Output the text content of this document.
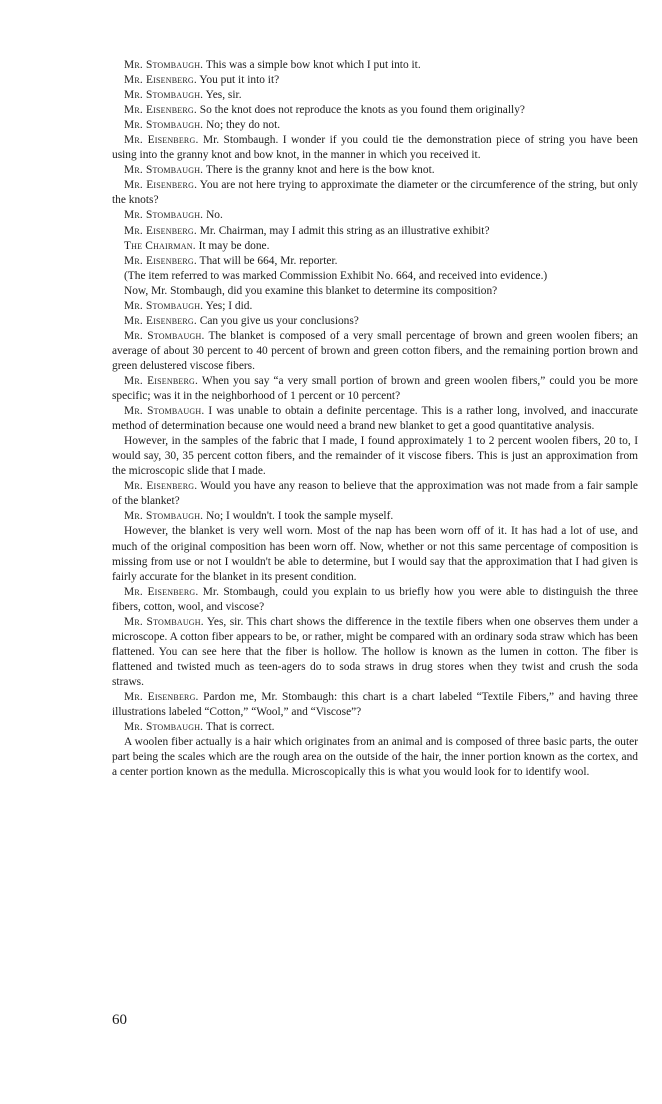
Mr. Stombaugh. This was a simple bow knot which I put into it.

Mr. Eisenberg. You put it into it?

Mr. Stombaugh. Yes, sir.

Mr. Eisenberg. So the knot does not reproduce the knots as you found them originally?

Mr. Stombaugh. No; they do not.

Mr. Eisenberg. Mr. Stombaugh. I wonder if you could tie the demonstration piece of string you have been using into the granny knot and bow knot, in the manner in which you received it.

Mr. Stombaugh. There is the granny knot and here is the bow knot.

Mr. Eisenberg. You are not here trying to approximate the diameter or the circumference of the string, but only the knots?

Mr. Stombaugh. No.

Mr. Eisenberg. Mr. Chairman, may I admit this string as an illustrative exhibit?

The Chairman. It may be done.

Mr. Eisenberg. That will be 664, Mr. reporter.

(The item referred to was marked Commission Exhibit No. 664, and received into evidence.)

Now, Mr. Stombaugh, did you examine this blanket to determine its composition?

Mr. Stombaugh. Yes; I did.

Mr. Eisenberg. Can you give us your conclusions?

Mr. Stombaugh. The blanket is composed of a very small percentage of brown and green woolen fibers; an average of about 30 percent to 40 percent of brown and green cotton fibers, and the remaining portion brown and green delustered viscose fibers.

Mr. Eisenberg. When you say “a very small portion of brown and green woolen fibers,” could you be more specific; was it in the neighborhood of 1 percent or 10 percent?

Mr. Stombaugh. I was unable to obtain a definite percentage. This is a rather long, involved, and inaccurate method of determination because one would need a brand new blanket to get a good quantitative analysis.

However, in the samples of the fabric that I made, I found approximately 1 to 2 percent woolen fibers, 20 to, I would say, 30, 35 percent cotton fibers, and the remainder of it viscose fibers. This is just an approximation from the microscopic slide that I made.

Mr. Eisenberg. Would you have any reason to believe that the approximation was not made from a fair sample of the blanket?

Mr. Stombaugh. No; I wouldn't. I took the sample myself.

However, the blanket is very well worn. Most of the nap has been worn off of it. It has had a lot of use, and much of the original composition has been worn off. Now, whether or not this same percentage of composition is missing from use or not I wouldn't be able to determine, but I would say that the approximation that I had given is fairly accurate for the blanket in its present condition.

Mr. Eisenberg. Mr. Stombaugh, could you explain to us briefly how you were able to distinguish the three fibers, cotton, wool, and viscose?

Mr. Stombaugh. Yes, sir. This chart shows the difference in the textile fibers when one observes them under a microscope. A cotton fiber appears to be, or rather, might be compared with an ordinary soda straw which has been flattened. You can see here that the fiber is hollow. The hollow is known as the lumen in cotton. The fiber is flattened and twisted much as teen-agers do to soda straws in drug stores when they twist and crush the soda straws.

Mr. Eisenberg. Pardon me, Mr. Stombaugh: this chart is a chart labeled “Textile Fibers,” and having three illustrations labeled “Cotton,” “Wool,” and “Viscose”?

Mr. Stombaugh. That is correct.

A woolen fiber actually is a hair which originates from an animal and is composed of three basic parts, the outer part being the scales which are the rough area on the outside of the hair, the inner portion known as the cortex, and a center portion known as the medulla. Microscopically this is what you would look for to identify wool.

60
